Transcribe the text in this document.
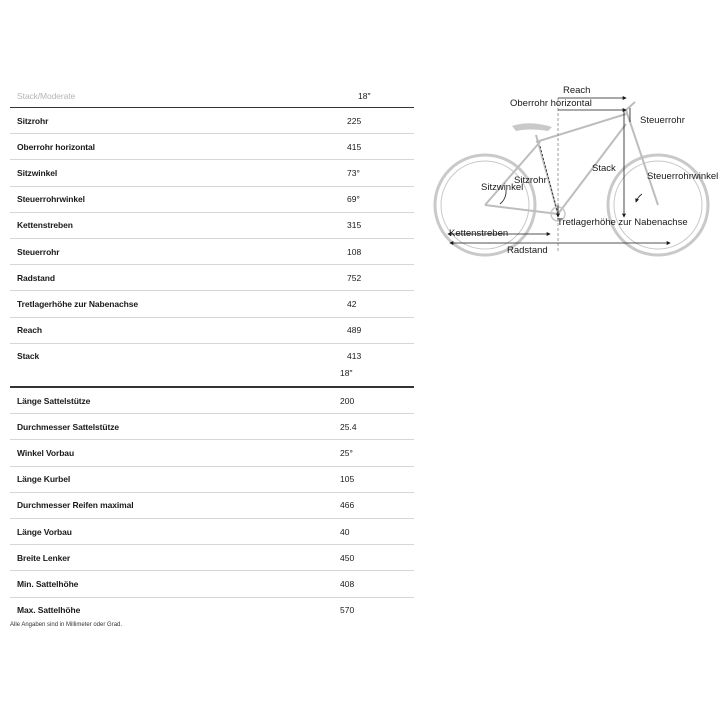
Stack/Moderate	18"
Sitzrohr	225
Oberrohr horizontal	415
Sitzwinkel	73°
Steuerrohrwinkel	69°
Kettenstreben	315
Steuerrohr	108
Radstand	752
Tretlagerhöhe zur Nabenachse	42
Reach	489
Stack	413
18"
Länge Sattelstütze	200
Durchmesser Sattelstütze	25.4
Winkel Vorbau	25°
Länge Kurbel	105
Durchmesser Reifen maximal	466
Länge Vorbau	40
Breite Lenker	450
Min. Sattelhöhe	408
Max. Sattelhöhe	570
Alle Angaben sind in Millimeter oder Grad.
Reach
Oberrohr horizontal
Steuerrohr
Stack
Sitzrohr
Sitzwinkel
Steuerrohrwinkel
Tretlagerhöhe zur Nabenachse
Kettenstreben
Radstand
